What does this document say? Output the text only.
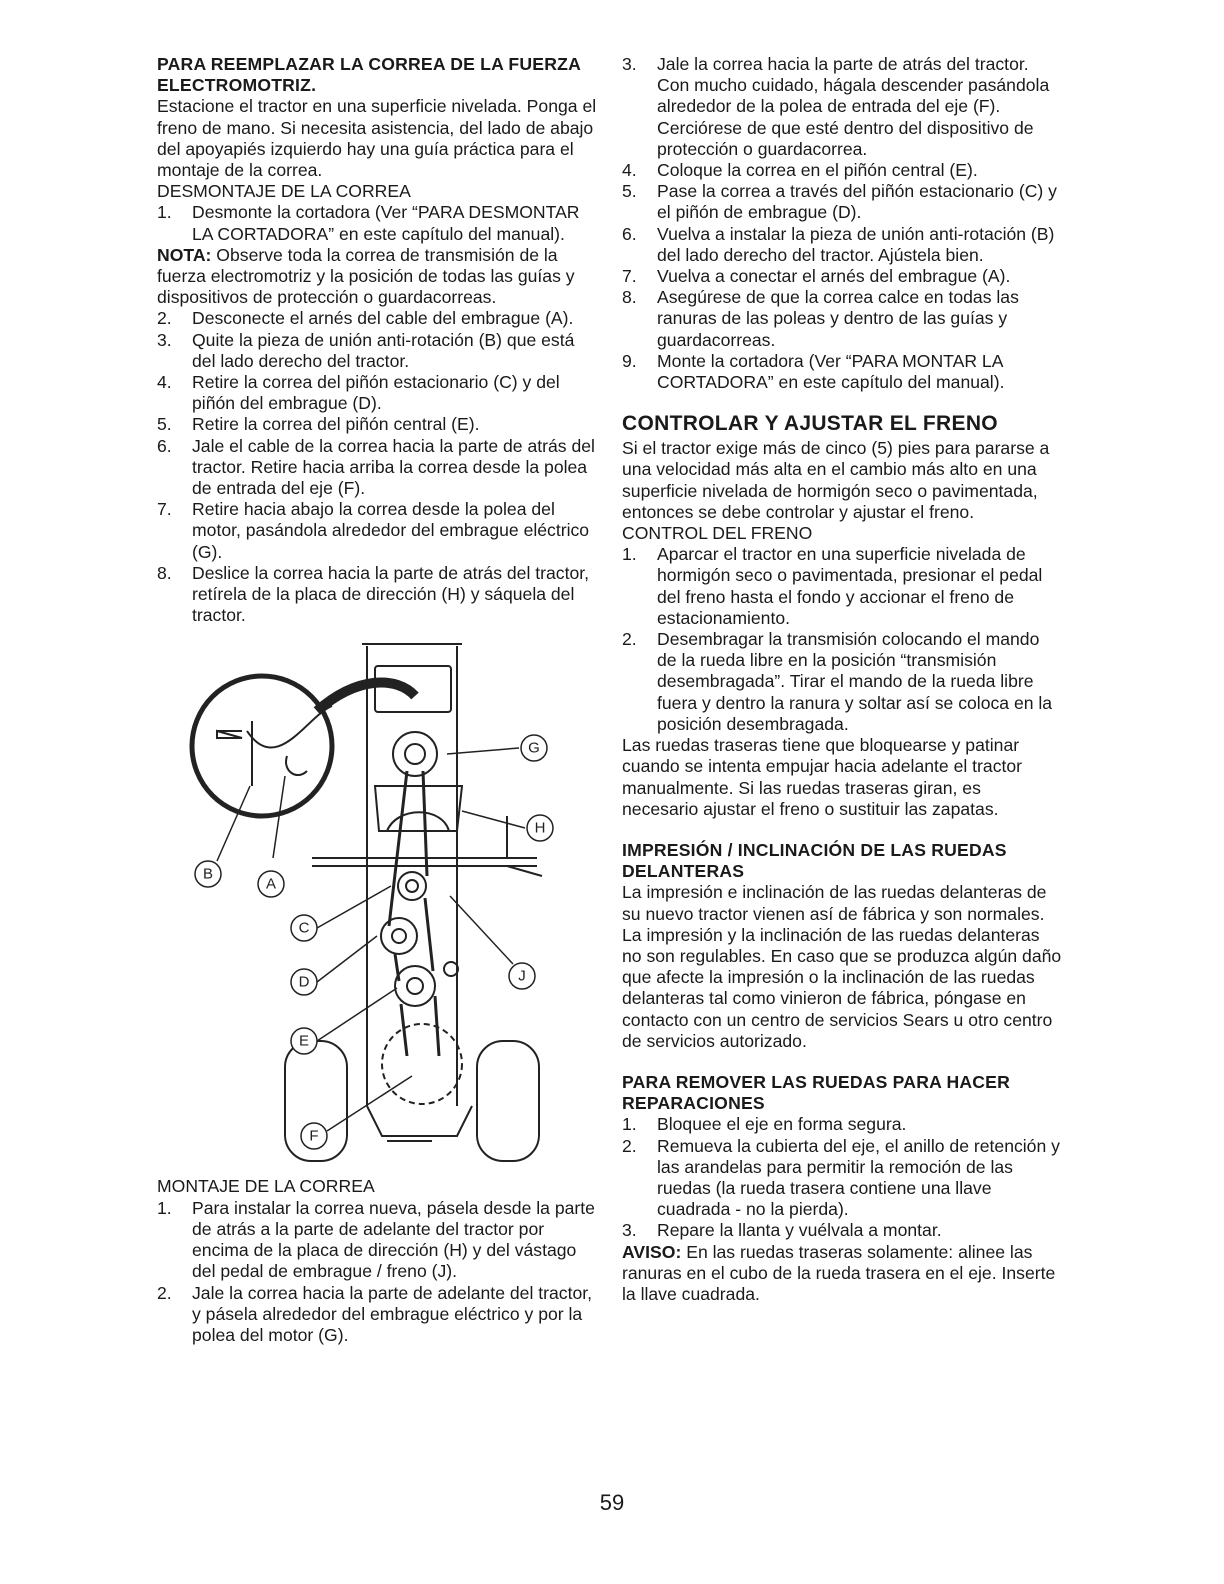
PARA REEMPLAZAR LA CORREA DE LA FUERZA ELECTROMOTRIZ.

Estacione el tractor en una superficie nivelada. Ponga el freno de mano. Si necesita asistencia, del lado de abajo del apoyapiés izquierdo hay una guía práctica para el montaje de la correa.

DESMONTAJE DE LA CORREA
1. Desmonte la cortadora (Ver “PARA DESMONTAR LA CORTADORA” en este capítulo del manual).

NOTA: Observe toda la correa de transmisión de la fuerza electromotriz y la posición de todas las guías y dispositivos de protección o guardacorreas.

2. Desconecte el arnés del cable del embrague (A).
3. Quite la pieza de unión anti-rotación (B) que está del lado derecho del tractor.
4. Retire la correa del piñón estacionario (C) y del piñón del embrague (D).
5. Retire la correa del piñón central (E).
6. Jale el cable de la correa hacia la parte de atrás del tractor. Retire hacia arriba la correa desde la polea de entrada del eje (F).
7. Retire hacia abajo la correa desde la polea del motor, pasándola alrededor del embrague eléctrico (G).
8. Deslice la correa hacia la parte de atrás del tractor, retírela de la placa de dirección (H) y sáquela del tractor.
G
H
B
A
C
D
E
F
J
MONTAJE DE LA CORREA
1. Para instalar la correa nueva, pásela desde la parte de atrás a la parte de adelante del tractor por encima de la placa de dirección (H) y del vástago del pedal de embrague / freno (J).
2. Jale la correa hacia la parte de adelante del tractor, y pásela alrededor del embrague eléctrico y por la polea del motor (G).
3. Jale la correa hacia la parte de atrás del tractor. Con mucho cuidado, hágala descender pasándola alrededor de la polea de entrada del eje (F). Cerciórese de que esté dentro del dispositivo de protección o guardacorrea.
4. Coloque la correa en el piñón central (E).
5. Pase la correa a través del piñón estacionario (C) y el piñón de embrague (D).
6. Vuelva a instalar la pieza de unión anti-rotación (B) del lado derecho del tractor. Ajústela bien.
7. Vuelva a conectar el arnés del embrague (A).
8. Asegúrese de que la correa calce en todas las ranuras de las poleas y dentro de las guías y guardacorreas.
9. Monte la cortadora (Ver “PARA MONTAR LA CORTADORA” en este capítulo del manual).
CONTROLAR Y AJUSTAR EL FRENO

Si el tractor exige más de cinco (5) pies para pararse a una velocidad más alta en el cambio más alto en una superficie nivelada de hormigón seco o pavimentada, entonces se debe controlar y ajustar el freno.

CONTROL DEL FRENO
1. Aparcar el tractor en una superficie nivelada de hormigón seco o pavimentada, presionar el pedal del freno hasta el fondo y accionar el freno de estacionamiento.
2. Desembragar la transmisión colocando el mando de la rueda libre en la posición “transmisión desembragada”. Tirar el mando de la rueda libre fuera y dentro la ranura y soltar así se coloca en la posición desembragada.

Las ruedas traseras tiene que bloquearse y patinar cuando se intenta empujar hacia adelante el tractor manualmente. Si las ruedas traseras giran, es necesario ajustar el freno o sustituir las zapatas.

IMPRESIÓN / INCLINACIÓN DE LAS RUEDAS DELANTERAS

La impresión e inclinación de las ruedas delanteras de su nuevo tractor vienen así de fábrica y son normales. La impresión y la inclinación de las ruedas delanteras no son regulables. En caso que se produzca algún daño que afecte la impresión o la inclinación de las ruedas delanteras tal como vinieron de fábrica, póngase en contacto con un centro de servicios Sears u otro centro de servicios autorizado.

PARA REMOVER LAS RUEDAS PARA HACER REPARACIONES
1. Bloquee el eje en forma segura.
2. Remueva la cubierta del eje, el anillo de retención y las arandelas para permitir la remoción de las ruedas (la rueda trasera contiene una llave cuadrada - no la pierda).
3. Repare la llanta y vuélvala a montar.

AVISO: En las ruedas traseras solamente: alinee las ranuras en el cubo de la rueda trasera en el eje. Inserte la llave cuadrada.

59
